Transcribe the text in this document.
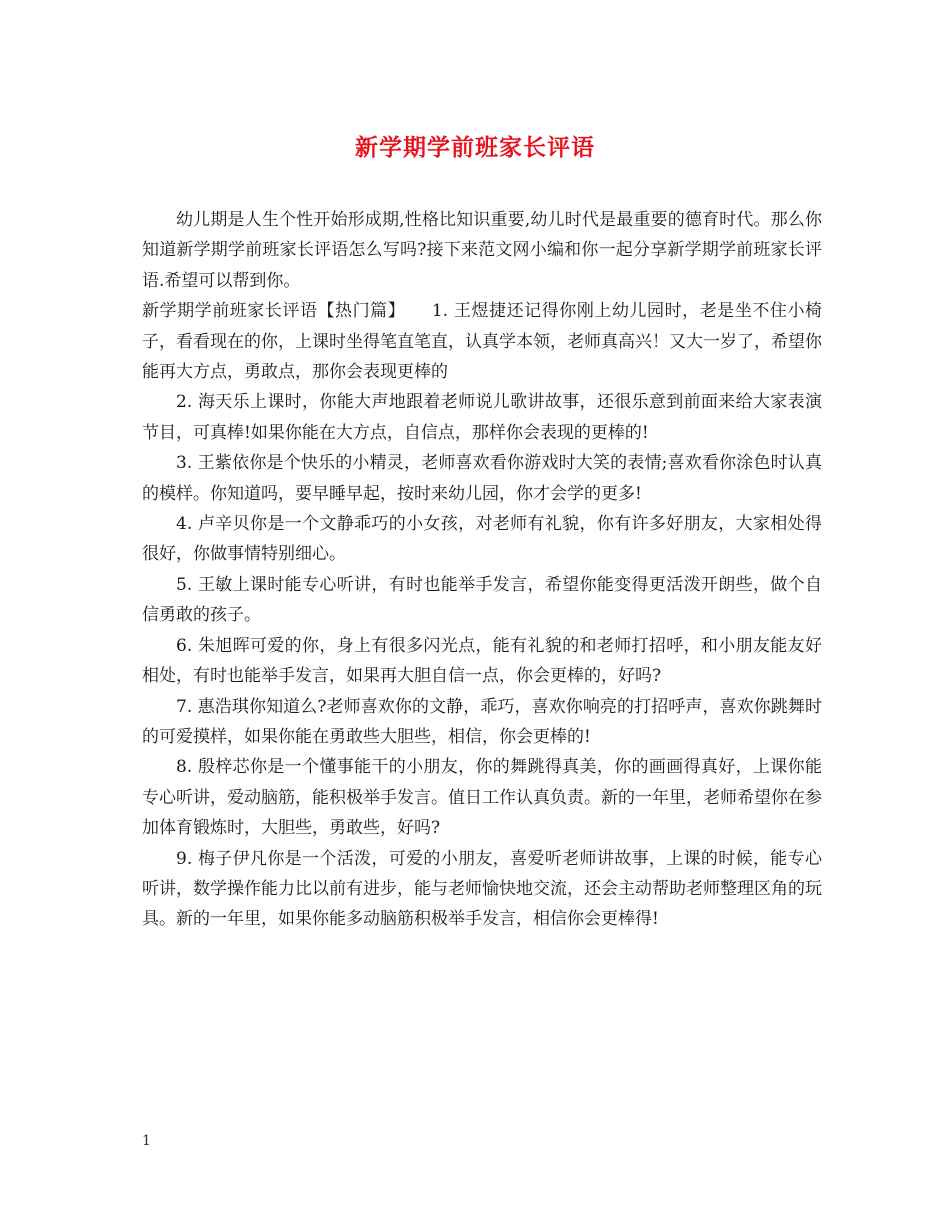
新学期学前班家长评语

幼儿期是人生个性开始形成期,性格比知识重要,幼儿时代是最重要的德育时代。那么你知道新学期学前班家长评语怎么写吗?接下来范文网小编和你一起分享新学期学前班家长评语.希望可以帮到你。

新学期学前班家长评语【热门篇】　　1. 王煜捷还记得你刚上幼儿园时，老是坐不住小椅子，看看现在的你，上课时坐得笔直笔直，认真学本领，老师真高兴！又大一岁了，希望你能再大方点，勇敢点，那你会表现更棒的

2. 海天乐上课时，你能大声地跟着老师说儿歌讲故事，还很乐意到前面来给大家表演节目，可真棒!如果你能在大方点，自信点，那样你会表现的更棒的!

3. 王紫依你是个快乐的小精灵，老师喜欢看你游戏时大笑的表情;喜欢看你涂色时认真的模样。你知道吗，要早睡早起，按时来幼儿园，你才会学的更多!

4. 卢辛贝你是一个文静乖巧的小女孩，对老师有礼貌，你有许多好朋友，大家相处得很好，你做事情特别细心。

5. 王敏上课时能专心听讲，有时也能举手发言，希望你能变得更活泼开朗些，做个自信勇敢的孩子。

6. 朱旭晖可爱的你，身上有很多闪光点，能有礼貌的和老师打招呼，和小朋友能友好相处，有时也能举手发言，如果再大胆自信一点，你会更棒的，好吗?

7. 惠浩琪你知道么?老师喜欢你的文静，乖巧，喜欢你响亮的打招呼声，喜欢你跳舞时的可爱摸样，如果你能在勇敢些大胆些，相信，你会更棒的!

8. 殷梓芯你是一个懂事能干的小朋友，你的舞跳得真美，你的画画得真好，上课你能专心听讲，爱动脑筋，能积极举手发言。值日工作认真负责。新的一年里，老师希望你在参加体育锻炼时，大胆些，勇敢些，好吗?

9. 梅子伊凡你是一个活泼，可爱的小朋友，喜爱听老师讲故事，上课的时候，能专心听讲，数学操作能力比以前有进步，能与老师愉快地交流，还会主动帮助老师整理区角的玩具。新的一年里，如果你能多动脑筋积极举手发言，相信你会更棒得!

1
